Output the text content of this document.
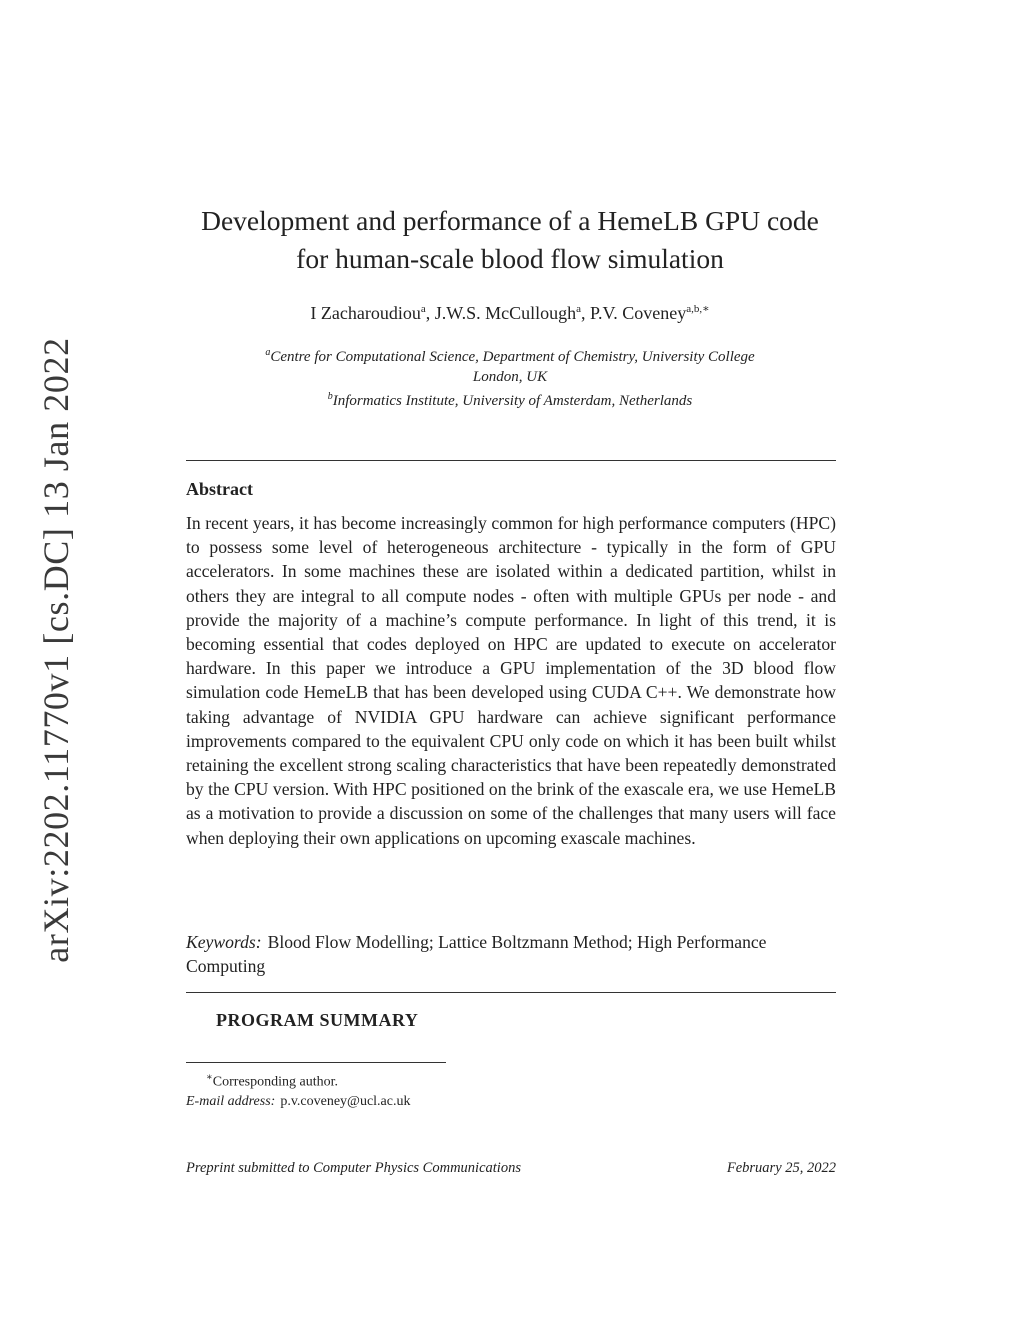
arXiv:2202.11770v1 [cs.DC] 13 Jan 2022
Development and performance of a HemeLB GPU code
for human-scale blood flow simulation
I Zacharoudiou$^a$, J.W.S. McCullough$^a$, P.V. Coveney$^{a,b,∗}$
$^a$Centre for Computational Science, Department of Chemistry, University College
London, UK
$^b$Informatics Institute, University of Amsterdam, Netherlands
Abstract
In recent years, it has become increasingly common for high performance computers (HPC) to possess some level of heterogeneous architecture - typically in the form of GPU accelerators. In some machines these are isolated within a dedicated partition, whilst in others they are integral to all compute nodes - often with multiple GPUs per node - and provide the majority of a machine’s compute performance. In light of this trend, it is becoming essential that codes deployed on HPC are updated to execute on accelerator hardware. In this paper we introduce a GPU implementation of the 3D blood flow simulation code HemeLB that has been developed using CUDA C++. We demonstrate how taking advantage of NVIDIA GPU hardware can achieve significant performance improvements compared to the equivalent CPU only code on which it has been built whilst retaining the excellent strong scaling characteristics that have been repeatedly demonstrated by the CPU version. With HPC positioned on the brink of the exascale era, we use HemeLB as a motivation to provide a discussion on some of the challenges that many users will face when deploying their own applications on upcoming exascale machines.
Keywords: Blood Flow Modelling; Lattice Boltzmann Method; High Performance Computing
PROGRAM SUMMARY
∗Corresponding author.
E-mail address: p.v.coveney@ucl.ac.uk
Preprint submitted to Computer Physics Communications	February 25, 2022
